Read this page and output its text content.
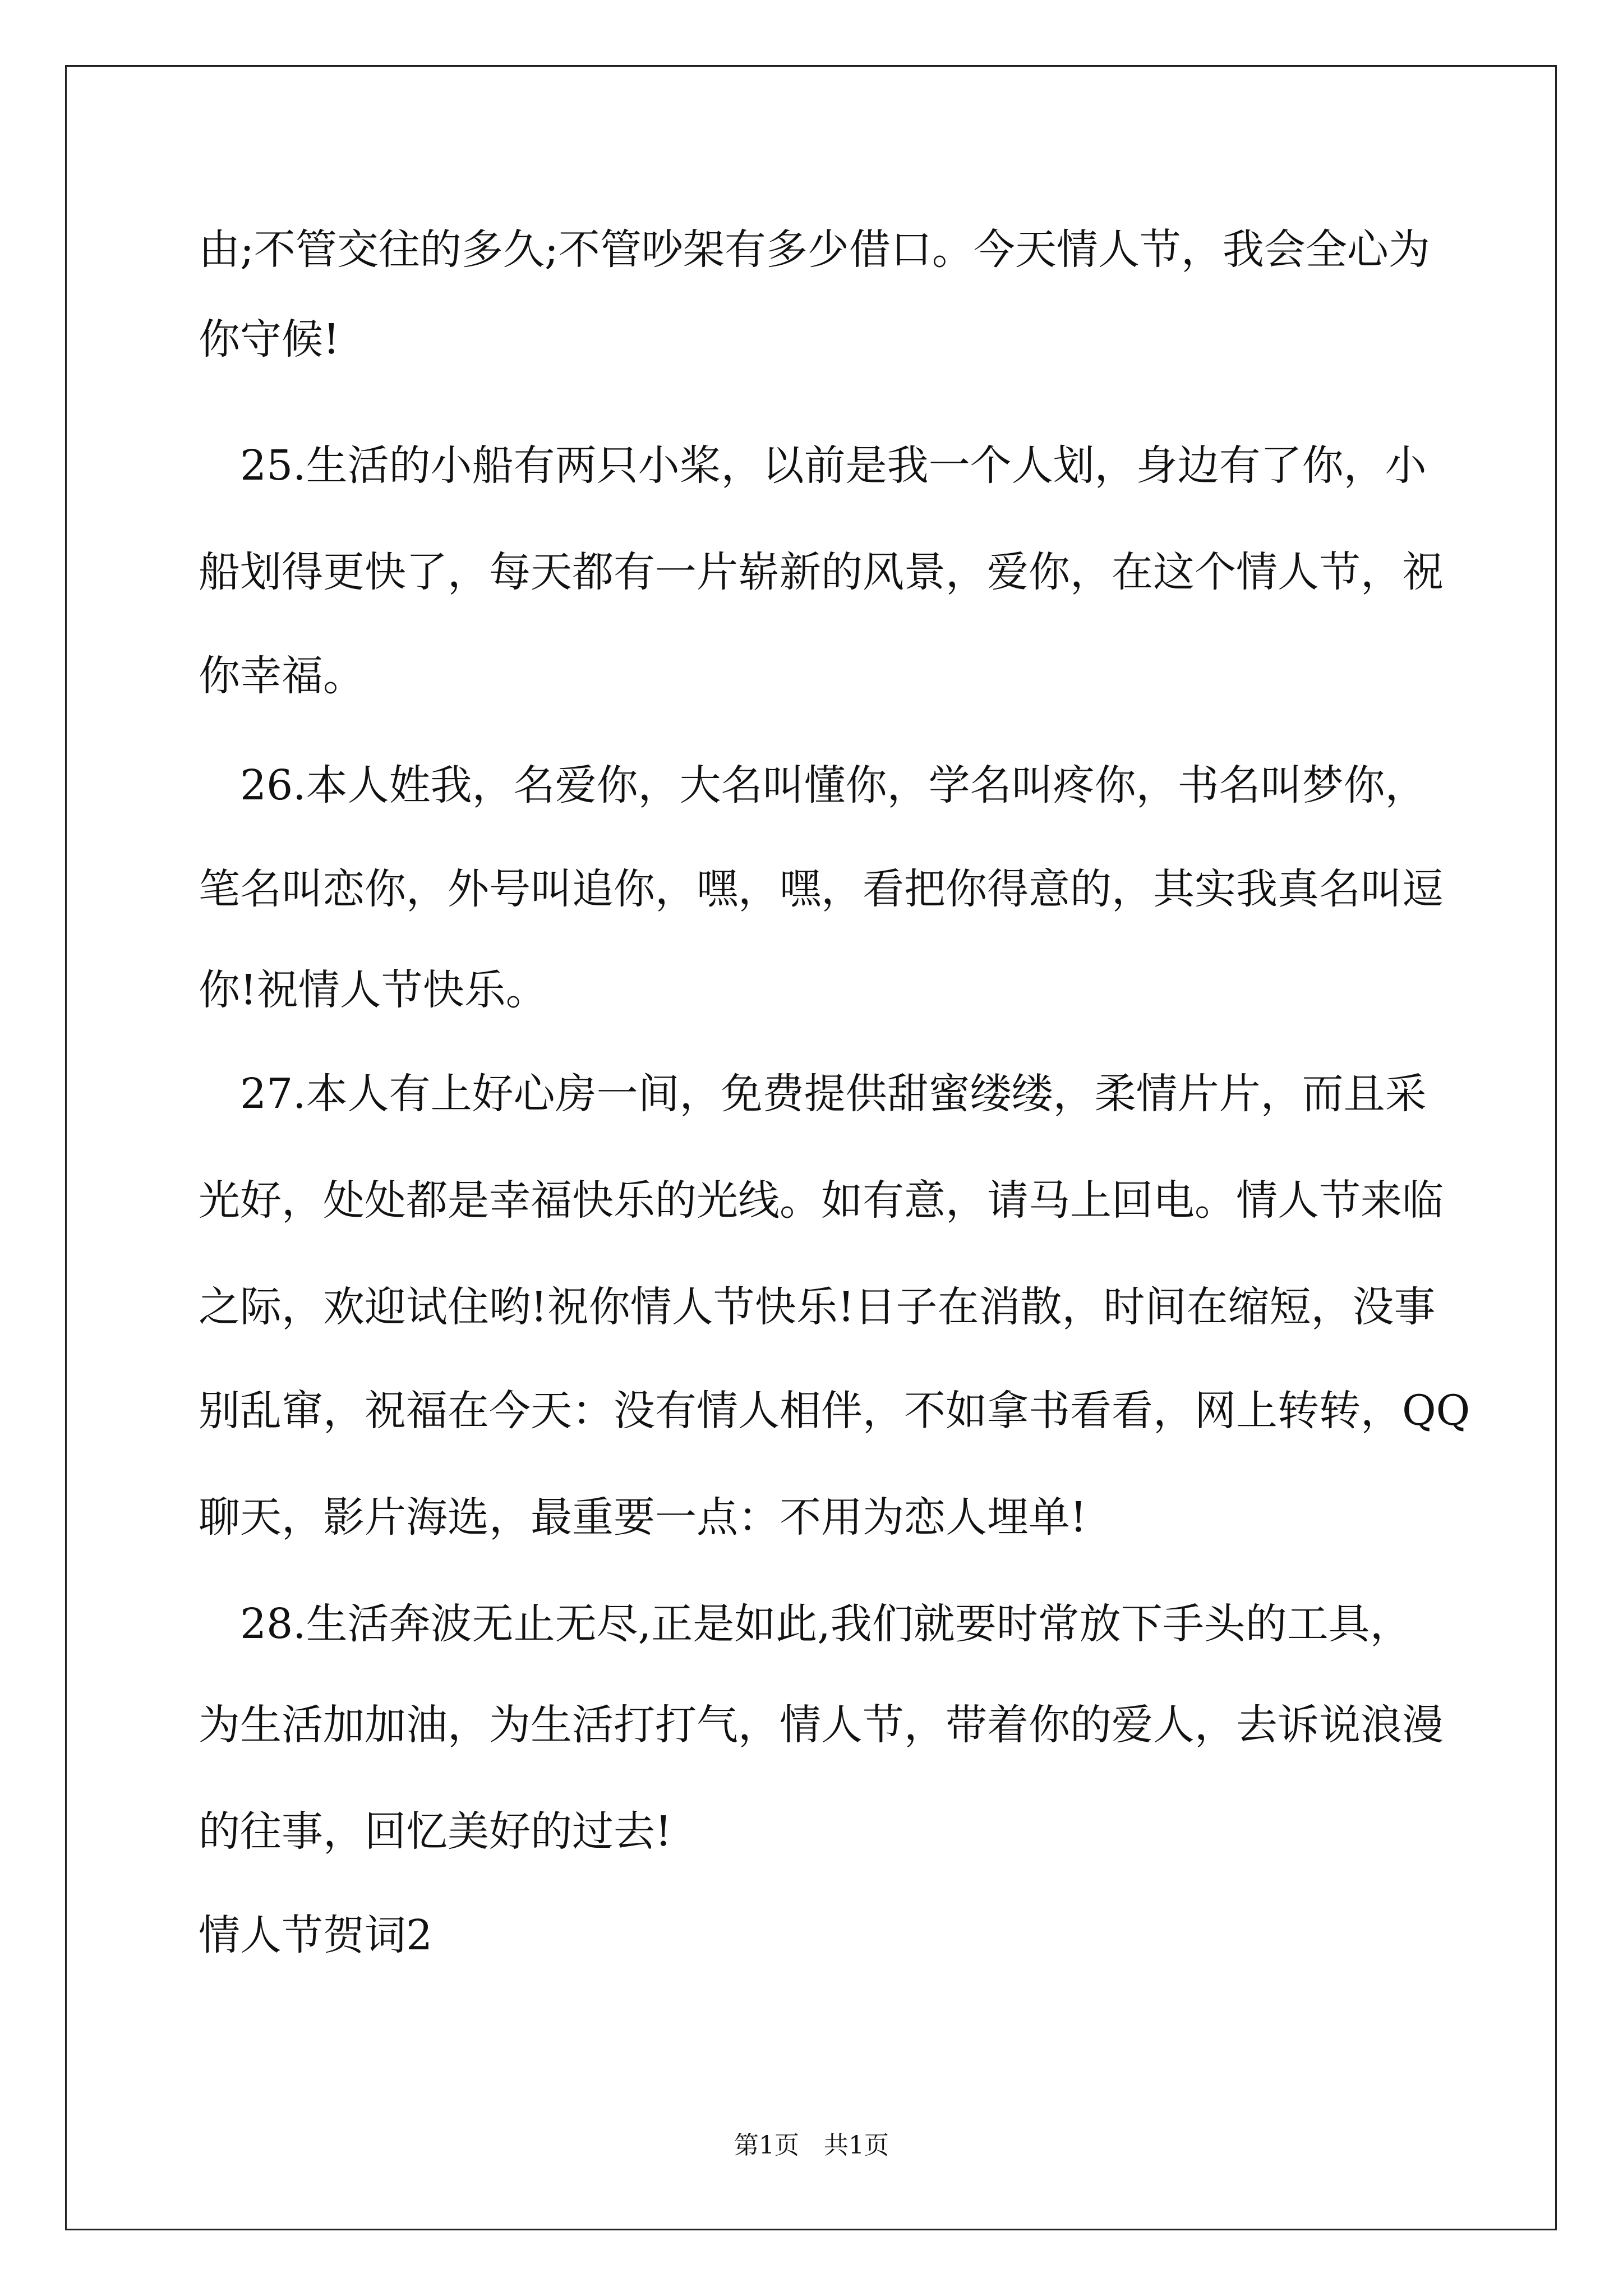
由;不管交往的多久;不管吵架有多少借口。今天情人节，我会全心为
你守候!
　25.生活的小船有两只小桨，以前是我一个人划，身边有了你，小
船划得更快了，每天都有一片崭新的风景，爱你，在这个情人节，祝
你幸福。
　26.本人姓我，名爱你，大名叫懂你，学名叫疼你，书名叫梦你，
笔名叫恋你，外号叫追你，嘿，嘿，看把你得意的，其实我真名叫逗
你!祝情人节快乐。
　27.本人有上好心房一间，免费提供甜蜜缕缕，柔情片片，而且采
光好，处处都是幸福快乐的光线。如有意，请马上回电。情人节来临
之际，欢迎试住哟!祝你情人节快乐!日子在消散，时间在缩短，没事
别乱窜，祝福在今天：没有情人相伴，不如拿书看看，网上转转，QQ
聊天，影片海选，最重要一点：不用为恋人埋单!
　28.生活奔波无止无尽,正是如此,我们就要时常放下手头的工具，
为生活加加油，为生活打打气，情人节，带着你的爱人，去诉说浪漫
的往事，回忆美好的过去!
情人节贺词2
第1页　共1页
